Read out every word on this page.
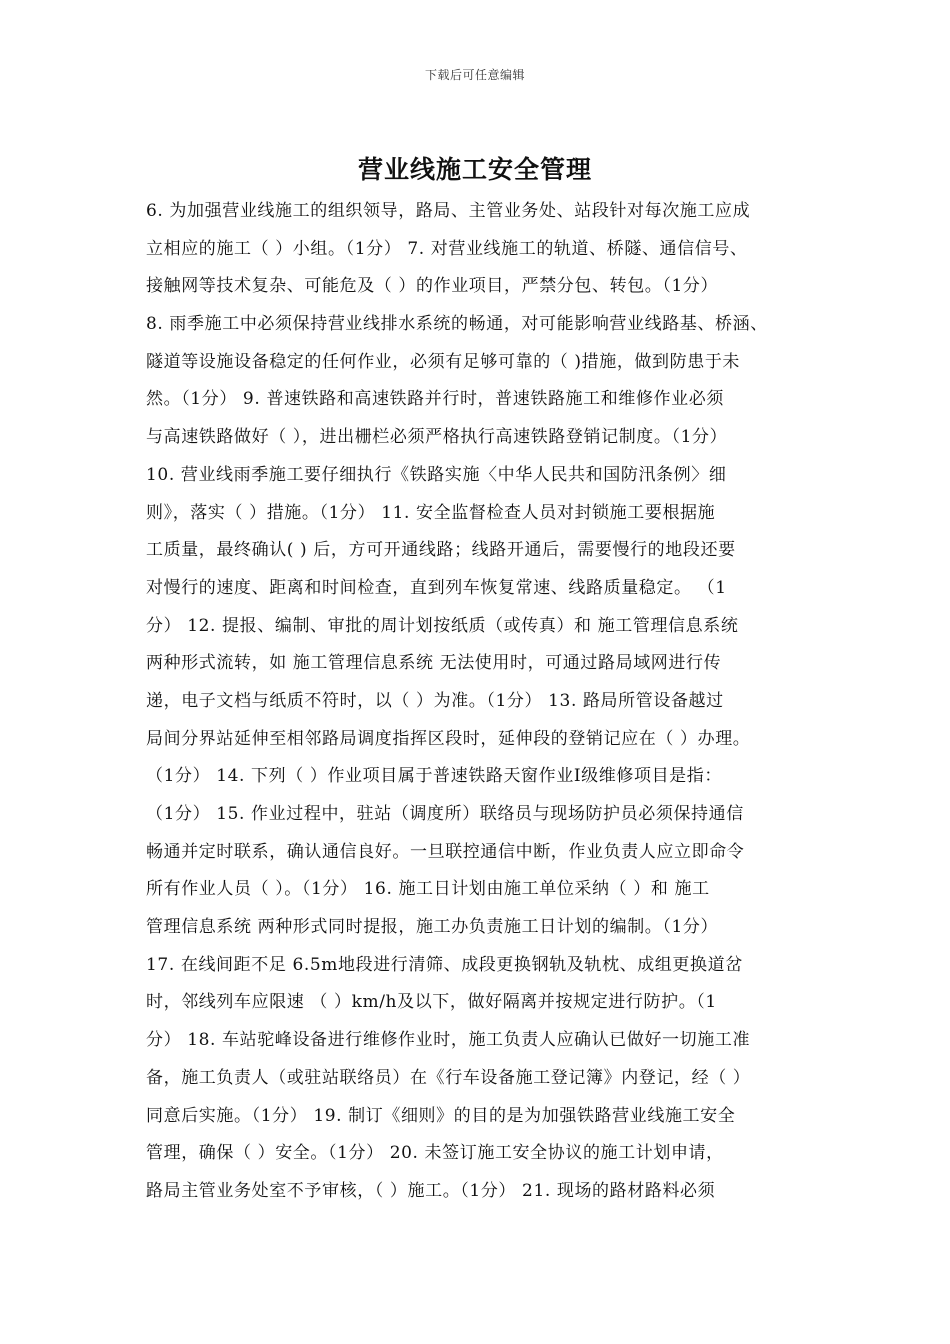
下载后可任意编辑
营业线施工安全管理
6. 为加强营业线施工的组织领导，路局、主管业务处、站段针对每次施工应成
立相应的施工（ ）小组。（1分） 7. 对营业线施工的轨道、桥隧、通信信号、
接触网等技术复杂、可能危及（ ）的作业项目，严禁分包、转包。（1分）
8. 雨季施工中必须保持营业线排水系统的畅通，对可能影响营业线路基、桥涵、
隧道等设施设备稳定的任何作业，必须有足够可靠的（ )措施，做到防患于未
然。（1分） 9. 普速铁路和高速铁路并行时，普速铁路施工和维修作业必须
与高速铁路做好（ ），进出栅栏必须严格执行高速铁路登销记制度。（1分）
10. 营业线雨季施工要仔细执行《铁路实施〈中华人民共和国防汛条例〉细
则》，落实（ ）措施。（1分） 11. 安全监督检查人员对封锁施工要根据施
工质量，最终确认( ) 后，方可开通线路；线路开通后，需要慢行的地段还要
对慢行的速度、距离和时间检查，直到列车恢复常速、线路质量稳定。 （1
分） 12. 提报、编制、审批的周计划按纸质（或传真）和 施工管理信息系统
两种形式流转，如 施工管理信息系统 无法使用时，可通过路局域网进行传
递，电子文档与纸质不符时，以（ ）为准。（1分） 13. 路局所管设备越过
局间分界站延伸至相邻路局调度指挥区段时，延伸段的登销记应在（ ）办理。
（1分） 14. 下列（ ）作业项目属于普速铁路天窗作业Ⅰ级维修项目是指：
（1分） 15. 作业过程中，驻站（调度所）联络员与现场防护员必须保持通信
畅通并定时联系，确认通信良好。一旦联控通信中断，作业负责人应立即命令
所有作业人员（ ）。（1分） 16. 施工日计划由施工单位采纳（ ）和 施工
管理信息系统 两种形式同时提报，施工办负责施工日计划的编制。（1分）
17. 在线间距不足 6.5m地段进行清筛、成段更换钢轨及轨枕、成组更换道岔
时，邻线列车应限速 （ ）km/h及以下，做好隔离并按规定进行防护。（1
分） 18. 车站驼峰设备进行维修作业时，施工负责人应确认已做好一切施工准
备，施工负责人（或驻站联络员）在《行车设备施工登记簿》内登记，经（ ）
同意后实施。（1分） 19. 制订《细则》的目的是为加强铁路营业线施工安全
管理，确保（ ）安全。（1分） 20. 未签订施工安全协议的施工计划申请，
路局主管业务处室不予审核，（ ）施工。（1分） 21. 现场的路材路料必须
